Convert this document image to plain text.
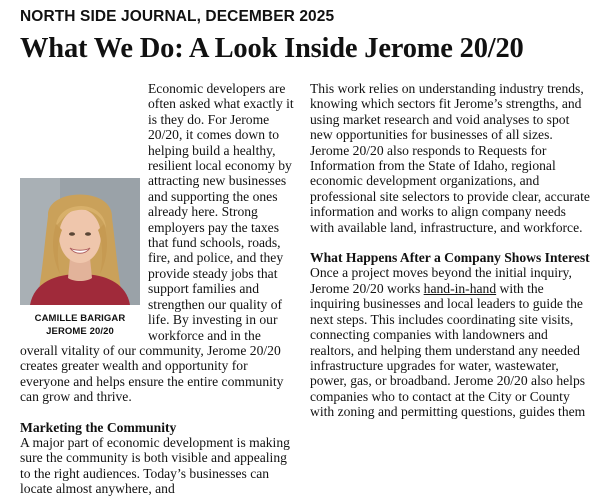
NORTH SIDE JOURNAL, DECEMBER 2025
What We Do: A Look Inside Jerome 20/20
CAMILLE BARIGAR
JEROME 20/20

Economic developers are often asked what exactly it is they do. For Jerome 20/20, it comes down to helping build a healthy, resilient local economy by attracting new businesses and supporting the ones already here. Strong employers pay the taxes that fund schools, roads, fire, and police, and they provide steady jobs that support families and strengthen our quality of life. By investing in our workforce and in the overall vitality of our community, Jerome 20/20 creates greater wealth and opportunity for everyone and helps ensure the entire community can grow and thrive.

Marketing the Community

A major part of economic development is making sure the community is both visible and appealing to the right audiences. Today’s businesses can locate almost anywhere, and

This work relies on understanding industry trends, knowing which sectors fit Jerome’s strengths, and using market research and void analyses to spot new opportunities for businesses of all sizes. Jerome 20/20 also responds to Requests for Information from the State of Idaho, regional economic development organizations, and professional site selectors to provide clear, accurate information and works to align company needs with available land, infrastructure, and workforce.

What Happens After a Company Shows Interest

Once a project moves beyond the initial inquiry, Jerome 20/20 works hand-in-hand with the inquiring businesses and local leaders to guide the next steps. This includes coordinating site visits, connecting companies with landowners and realtors, and helping them understand any needed infrastructure upgrades for water, wastewater, power, gas, or broadband. Jerome 20/20 also helps companies who to contact at the City or County with zoning and permitting questions, guides them
